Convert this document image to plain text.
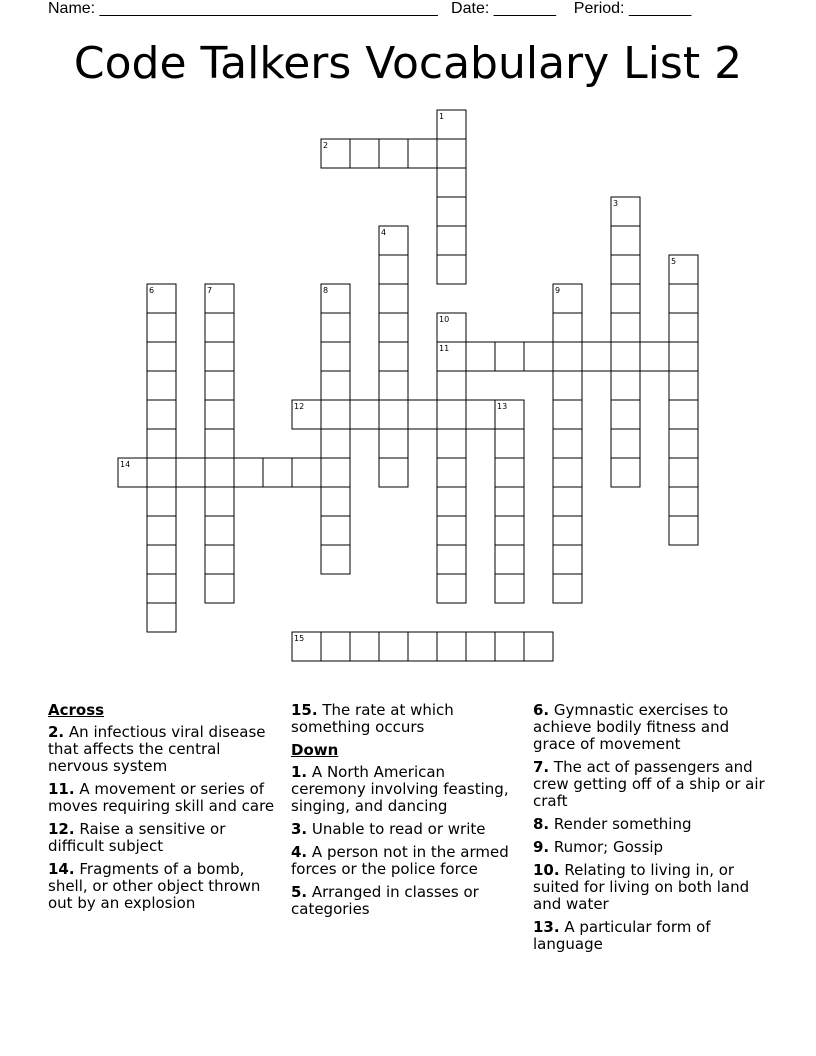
Name: ______________________________________   Date: _______    Period: _______
Code Talkers Vocabulary List 2
1
2
3
4
5
6	7	8	9
10
11
12	13
14
15
Across
2. An infectious viral disease that affects the central nervous system
11. A movement or series of moves requiring skill and care
12. Raise a sensitive or difficult subject
14. Fragments of a bomb, shell, or other object thrown out by an explosion
15. The rate at which something occurs
Down
1. A North American ceremony involving feasting, singing, and dancing
3. Unable to read or write
4. A person not in the armed forces or the police force
5. Arranged in classes or categories
6. Gymnastic exercises to achieve bodily fitness and grace of movement
7. The act of passengers and crew getting off of a ship or air craft
8. Render something
9. Rumor; Gossip
10. Relating to living in, or suited for living on both land and water
13. A particular form of language
